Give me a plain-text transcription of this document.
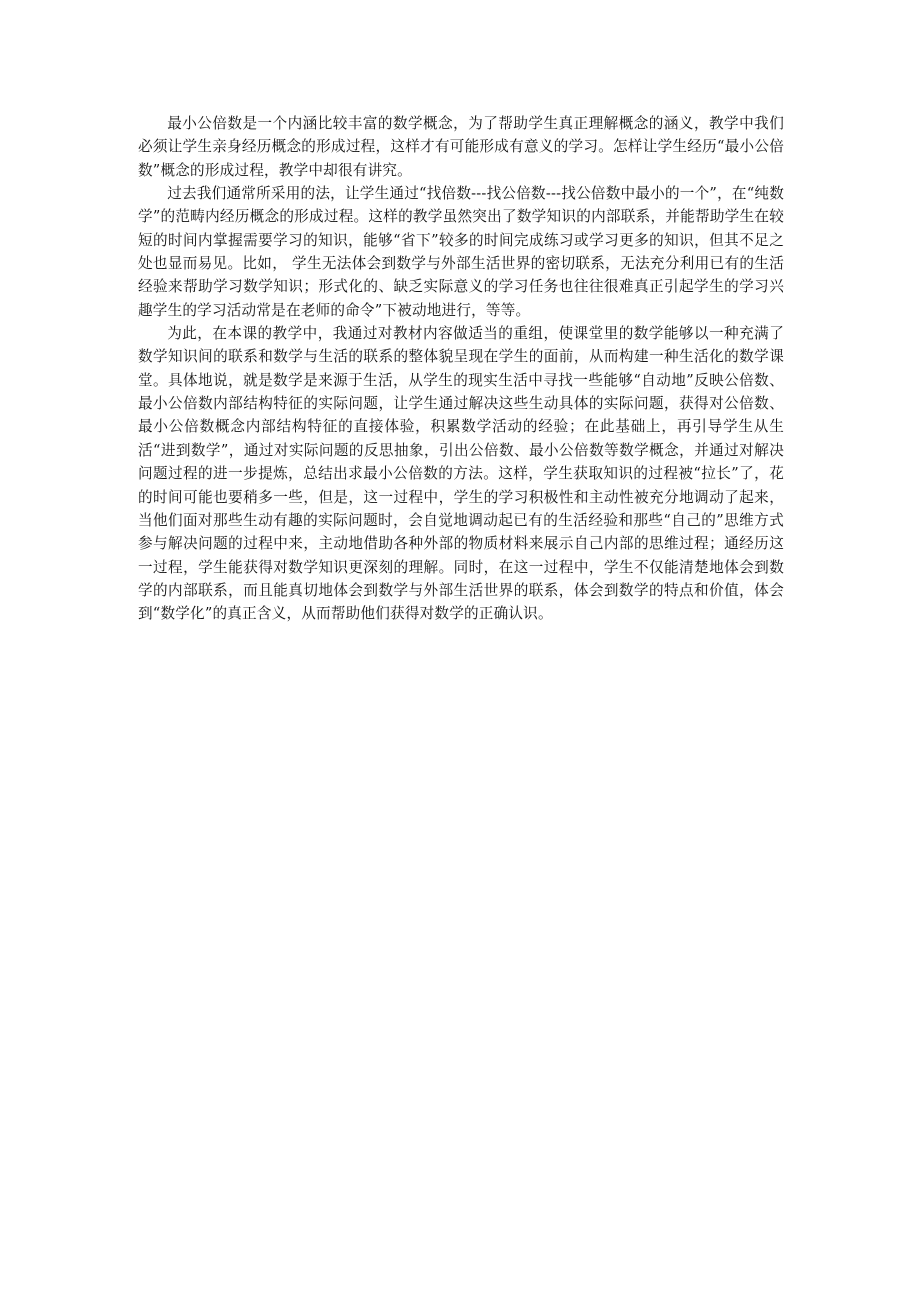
最小公倍数是一个内涵比较丰富的数学概念，为了帮助学生真正理解概念的涵义，教学中我们必须让学生亲身经历概念的形成过程，这样才有可能形成有意义的学习。怎样让学生经历“最小公倍数”概念的形成过程，教学中却很有讲究。

过去我们通常所采用的法，让学生通过“找倍数---找公倍数---找公倍数中最小的一个”，在“纯数学”的范畴内经历概念的形成过程。这样的教学虽然突出了数学知识的内部联系，并能帮助学生在较短的时间内掌握需要学习的知识，能够“省下”较多的时间完成练习或学习更多的知识，但其不足之处也显而易见。比如， 学生无法体会到数学与外部生活世界的密切联系，无法充分利用已有的生活经验来帮助学习数学知识；形式化的、缺乏实际意义的学习任务也往往很难真正引起学生的学习兴趣学生的学习活动常是在老师的命令”下被动地进行，等等。

为此，在本课的教学中，我通过对教材内容做适当的重组，使课堂里的数学能够以一种充满了数学知识间的联系和数学与生活的联系的整体貌呈现在学生的面前，从而构建一种生活化的数学课堂。具体地说，就是数学是来源于生活，从学生的现实生活中寻找一些能够“自动地”反映公倍数、最小公倍数内部结构特征的实际问题，让学生通过解决这些生动具体的实际问题，获得对公倍数、最小公倍数概念内部结构特征的直接体验，积累数学活动的经验；在此基础上，再引导学生从生活“进到数学”，通过对实际问题的反思抽象，引出公倍数、最小公倍数等数学概念，并通过对解决问题过程的进一步提炼，总结出求最小公倍数的方法。这样，学生获取知识的过程被“拉长”了，花的时间可能也要稍多一些，但是，这一过程中，学生的学习积极性和主动性被充分地调动了起来，当他们面对那些生动有趣的实际问题时，会自觉地调动起已有的生活经验和那些“自己的”思维方式参与解决问题的过程中来，主动地借助各种外部的物质材料来展示自己内部的思维过程；通经历这一过程，学生能获得对数学知识更深刻的理解。同时，在这一过程中，学生不仅能清楚地体会到数学的内部联系，而且能真切地体会到数学与外部生活世界的联系，体会到数学的特点和价值，体会到“数学化”的真正含义，从而帮助他们获得对数学的正确认识。
